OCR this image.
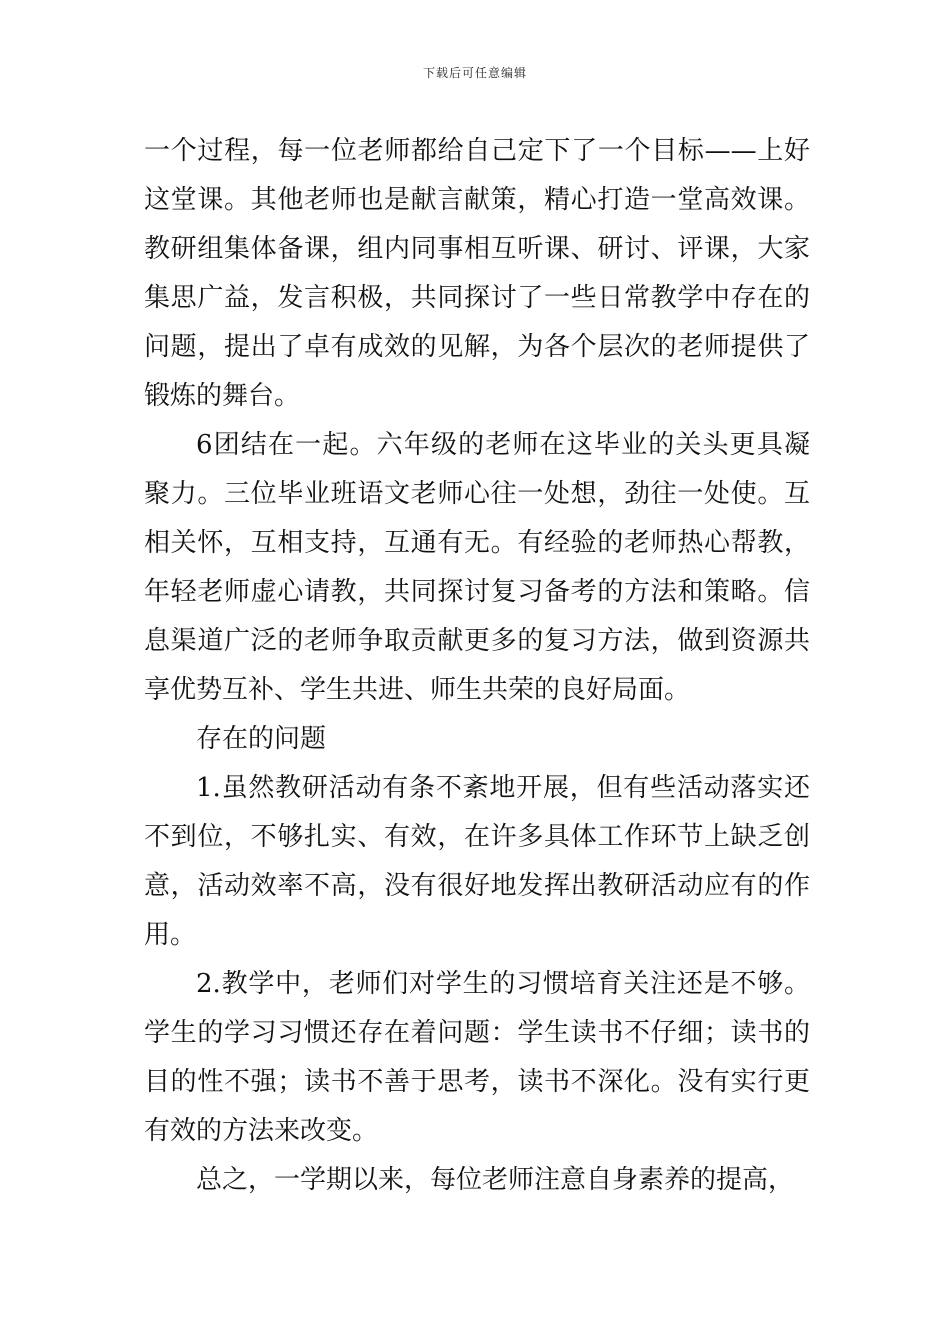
下载后可任意编辑

一个过程，每一位老师都给自己定下了一个目标——上好这堂课。其他老师也是献言献策，精心打造一堂高效课。教研组集体备课，组内同事相互听课、研讨、评课，大家集思广益，发言积极，共同探讨了一些日常教学中存在的问题，提出了卓有成效的见解，为各个层次的老师提供了锻炼的舞台。

6团结在一起。六年级的老师在这毕业的关头更具凝聚力。三位毕业班语文老师心往一处想，劲往一处使。互相关怀，互相支持，互通有无。有经验的老师热心帮教，年轻老师虚心请教，共同探讨复习备考的方法和策略。信息渠道广泛的老师争取贡献更多的复习方法，做到资源共享优势互补、学生共进、师生共荣的良好局面。

存在的问题

1.虽然教研活动有条不紊地开展，但有些活动落实还不到位，不够扎实、有效，在许多具体工作环节上缺乏创意，活动效率不高，没有很好地发挥出教研活动应有的作用。

2.教学中，老师们对学生的习惯培育关注还是不够。学生的学习习惯还存在着问题：学生读书不仔细；读书的目的性不强；读书不善于思考，读书不深化。没有实行更有效的方法来改变。

总之，一学期以来，每位老师注意自身素养的提高，
